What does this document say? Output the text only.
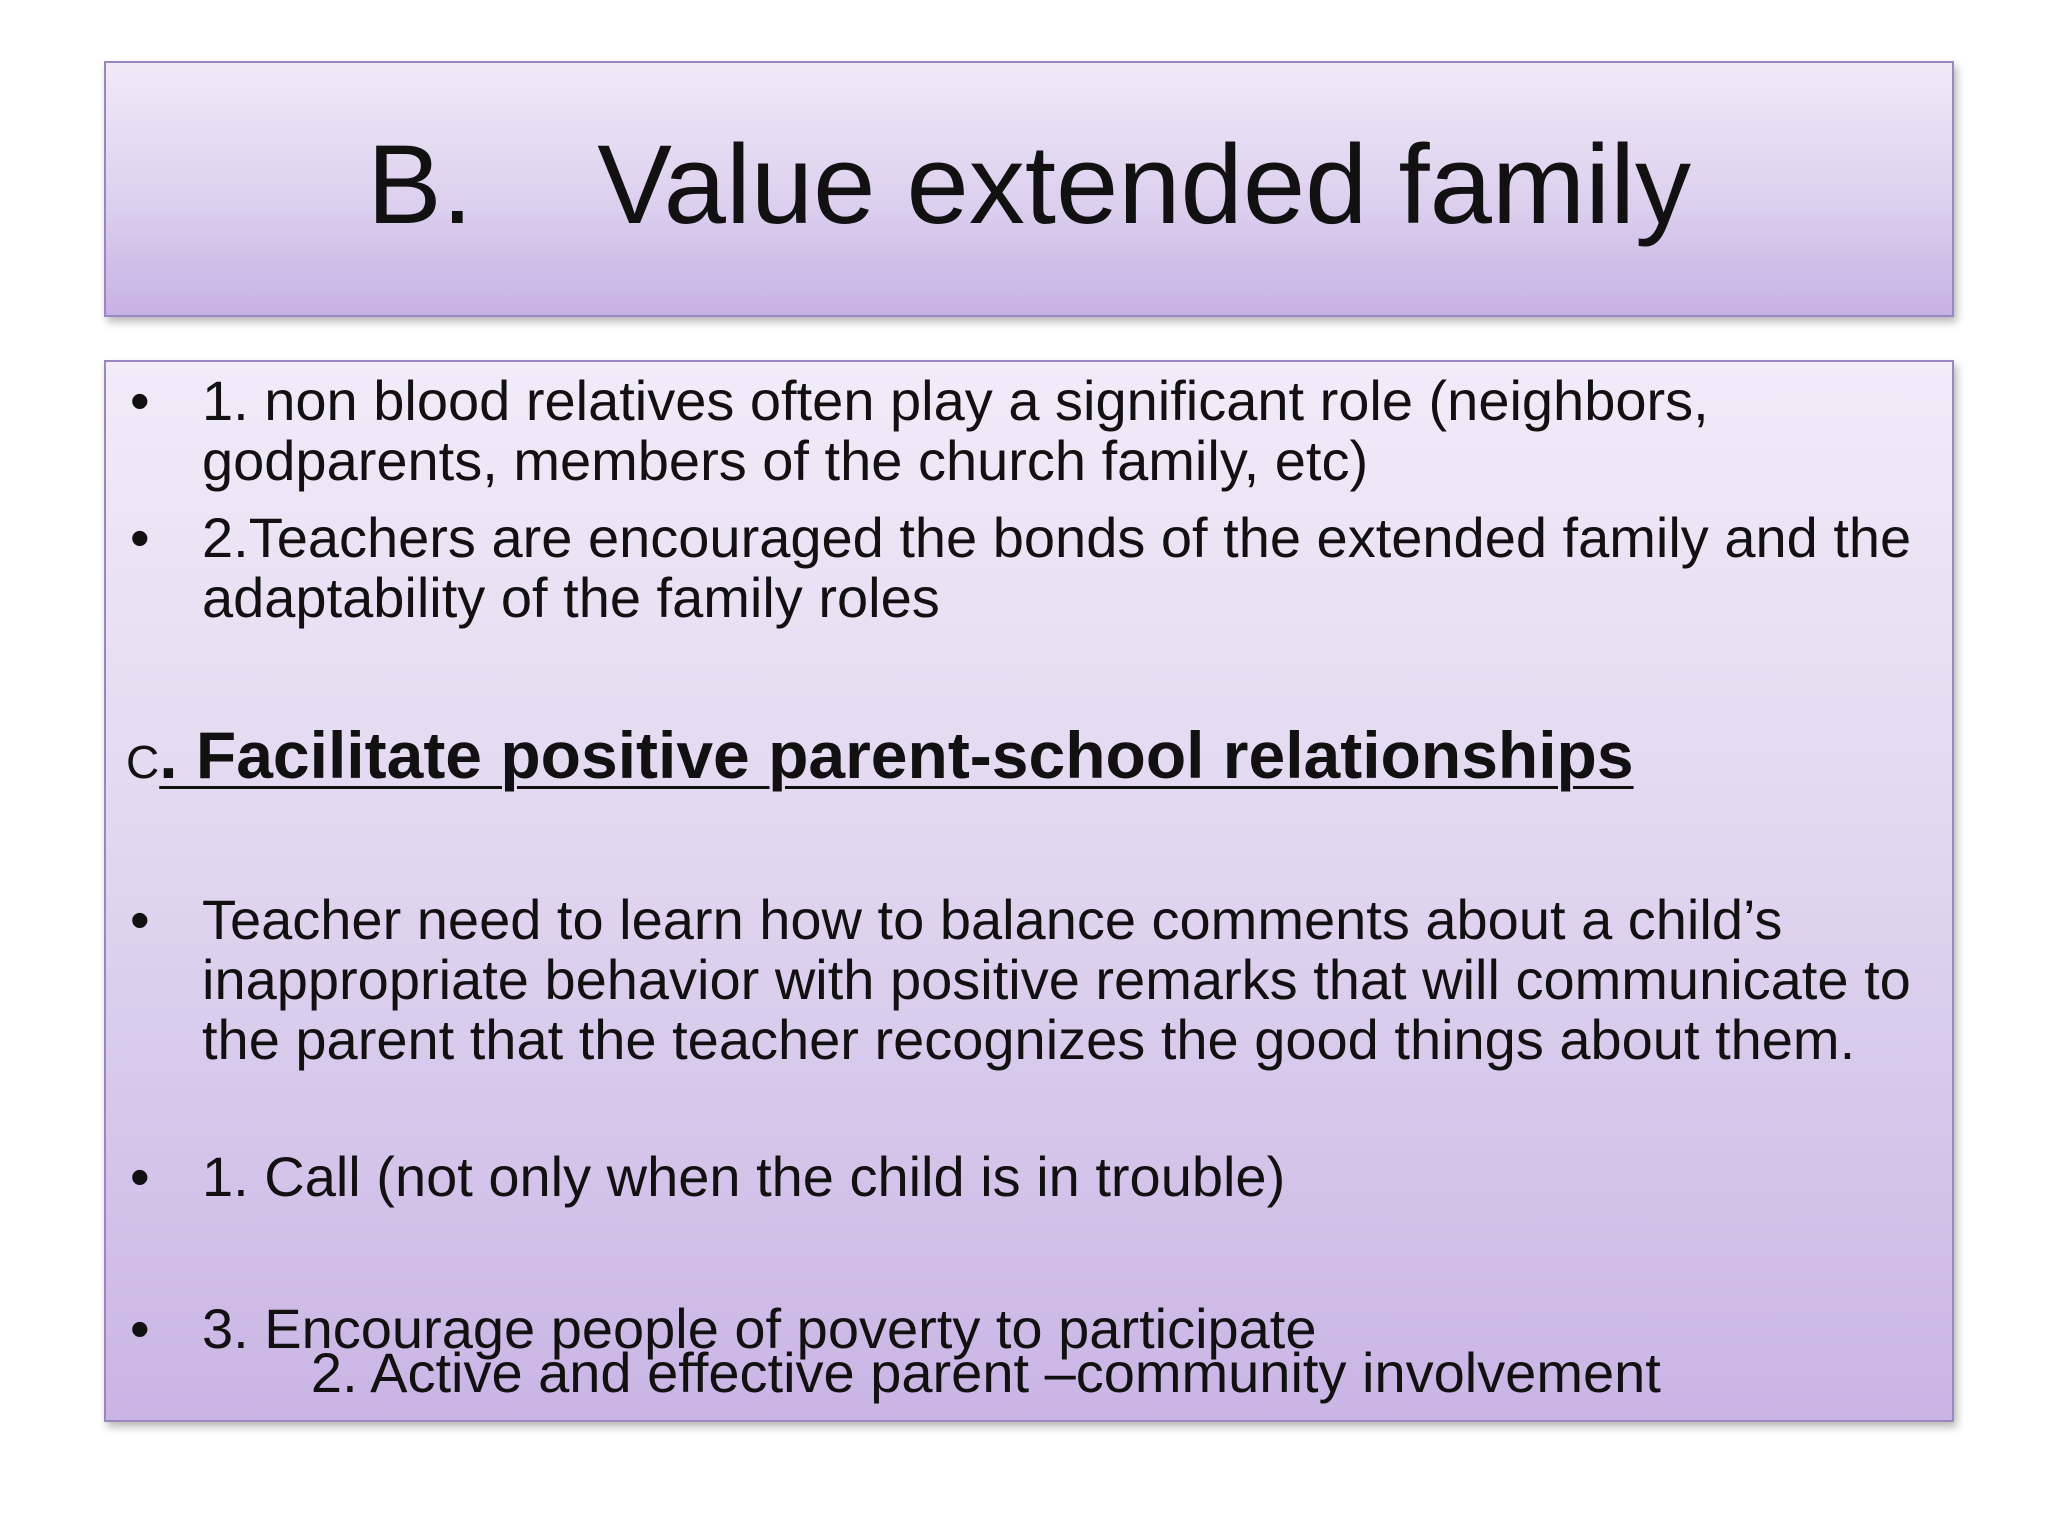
B.    Value extended family
• 1. non blood relatives often play a significant role (neighbors, godparents, members of the church family, etc)
• 2.Teachers are encouraged the bonds of the extended family and the adaptability of the family roles
C. Facilitate positive parent-school relationships
• Teacher need to learn how to balance comments about a child’s inappropriate behavior with positive remarks that will communicate to the parent that the teacher recognizes the good things about them.
• 1. Call (not only when the child is in trouble)

2. Active and effective parent –community involvement

• 3. Encourage people of poverty to participate
